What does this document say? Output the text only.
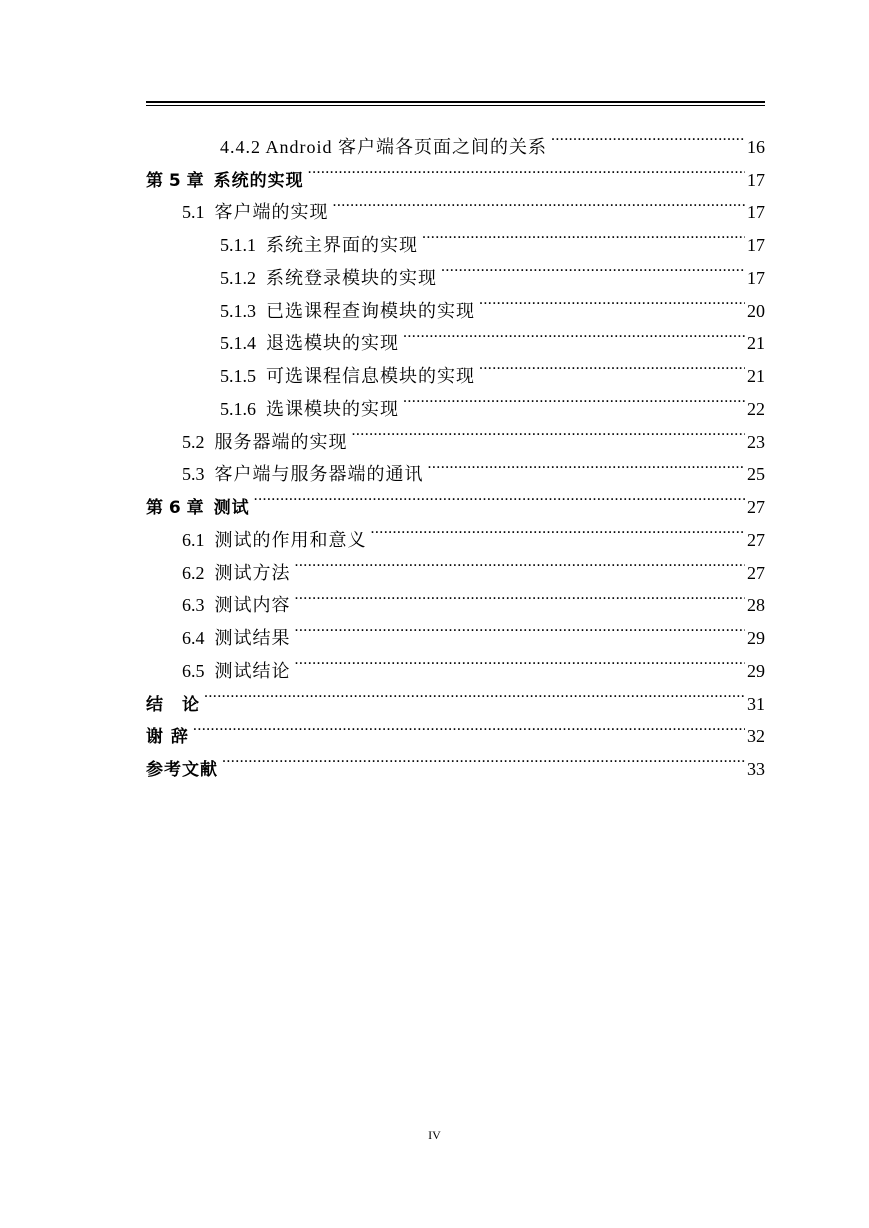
4.4.2 Android 客户端各页面之间的关系 .....	16
第 5 章 系统的实现 .....	17
5.1 客户端的实现 .....	17
5.1.1 系统主界面的实现 .....	17
5.1.2 系统登录模块的实现 .....	17
5.1.3 已选课程查询模块的实现 .....	20
5.1.4 退选模块的实现 .....	21
5.1.5 可选课程信息模块的实现 .....	21
5.1.6 选课模块的实现 .....	22
5.2 服务器端的实现 .....	23
5.3 客户端与服务器端的通讯 .....	25
第 6 章 测试 .....	27
6.1 测试的作用和意义 .....	27
6.2 测试方法 .....	27
6.3 测试内容 .....	28
6.4 测试结果 .....	29
6.5 测试结论 .....	29
结　论 .....	31
谢 辞 .....	32
参考文献 .....	33
IV
